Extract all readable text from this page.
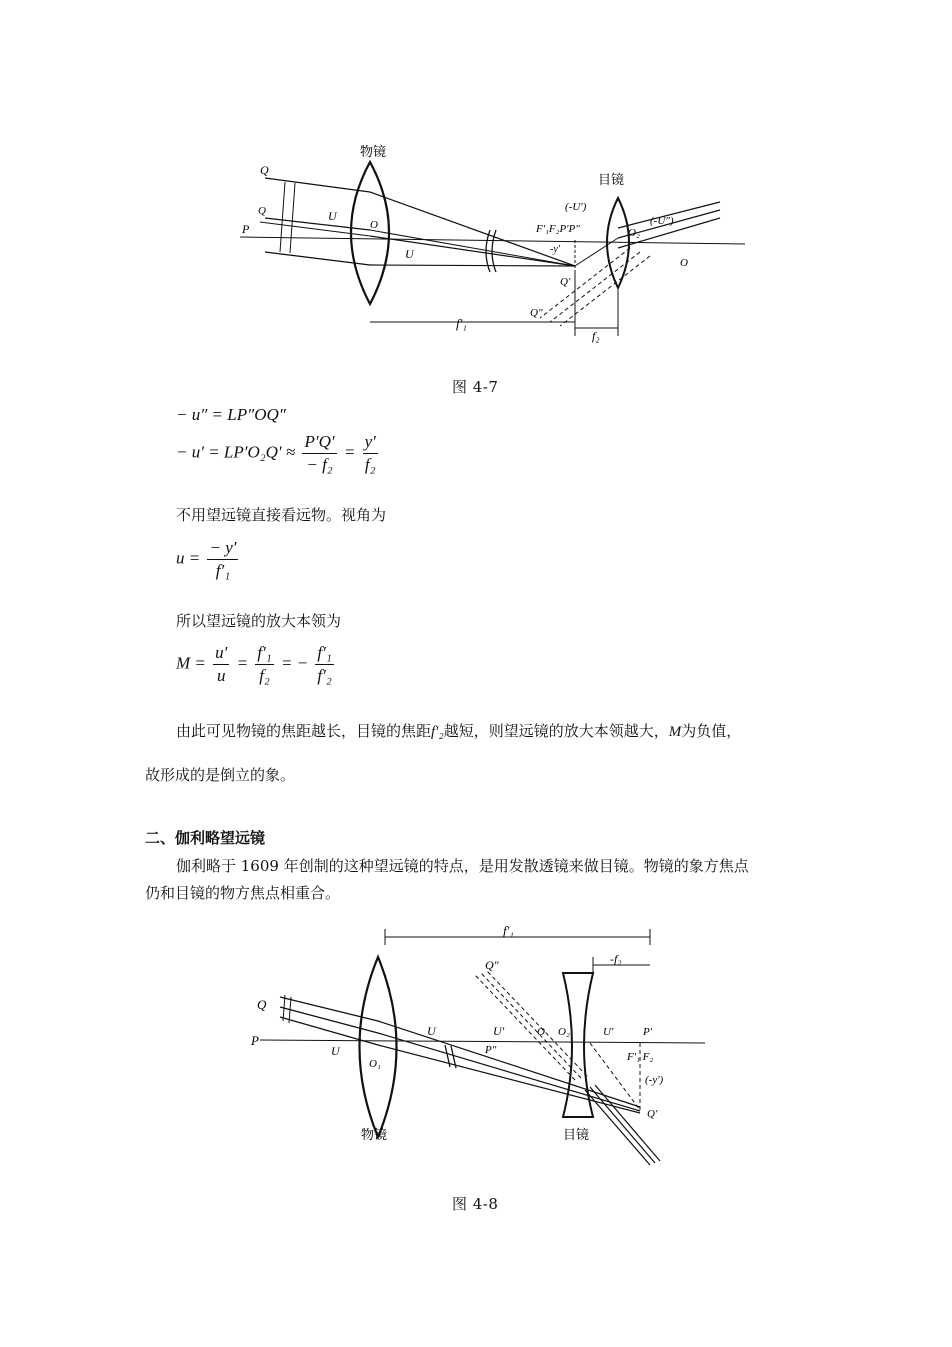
物镜
目镜
Q
Q
P
U
U
O
(-U')
(-U")
F'₁F₂P'P"	O₂
-y'
Q'
Q"
O
f'₁
f₂
图 4-7
− u″ = LP″OQ″
− $u' = LP'O_2Q' \approx \frac{P'Q'}{\text{− f₂}} = \frac{y'}{\text{f₂}}$
不用望远镜直接看远物。视角为
$u = \frac{- y'}{\text{f′₁}}$
所以望远镜的放大本领为
$M = \frac{u'}{u} = \frac{\text{f′₁}}{\text{f₂}}$ = − $\frac{\text{f′₁}}{\text{f′₂}}$
由此可见物镜的焦距越长，目镜的焦距f′₂越短，则望远镜的放大本领越大，M为负值，
故形成的是倒立的象。
二、伽利略望远镜
伽利略于 1609 年创制的这种望远镜的特点，是用发散透镜来做目镜。物镜的象方焦点
仍和目镜的物方焦点相重合。
f'₁
-f₂
Q"
Q
P
U
U	U'	O O₂	U'	P'
P"
O₁
F'₁ F₂
(-y')
Q'
物镜	目镜
图 4-8
